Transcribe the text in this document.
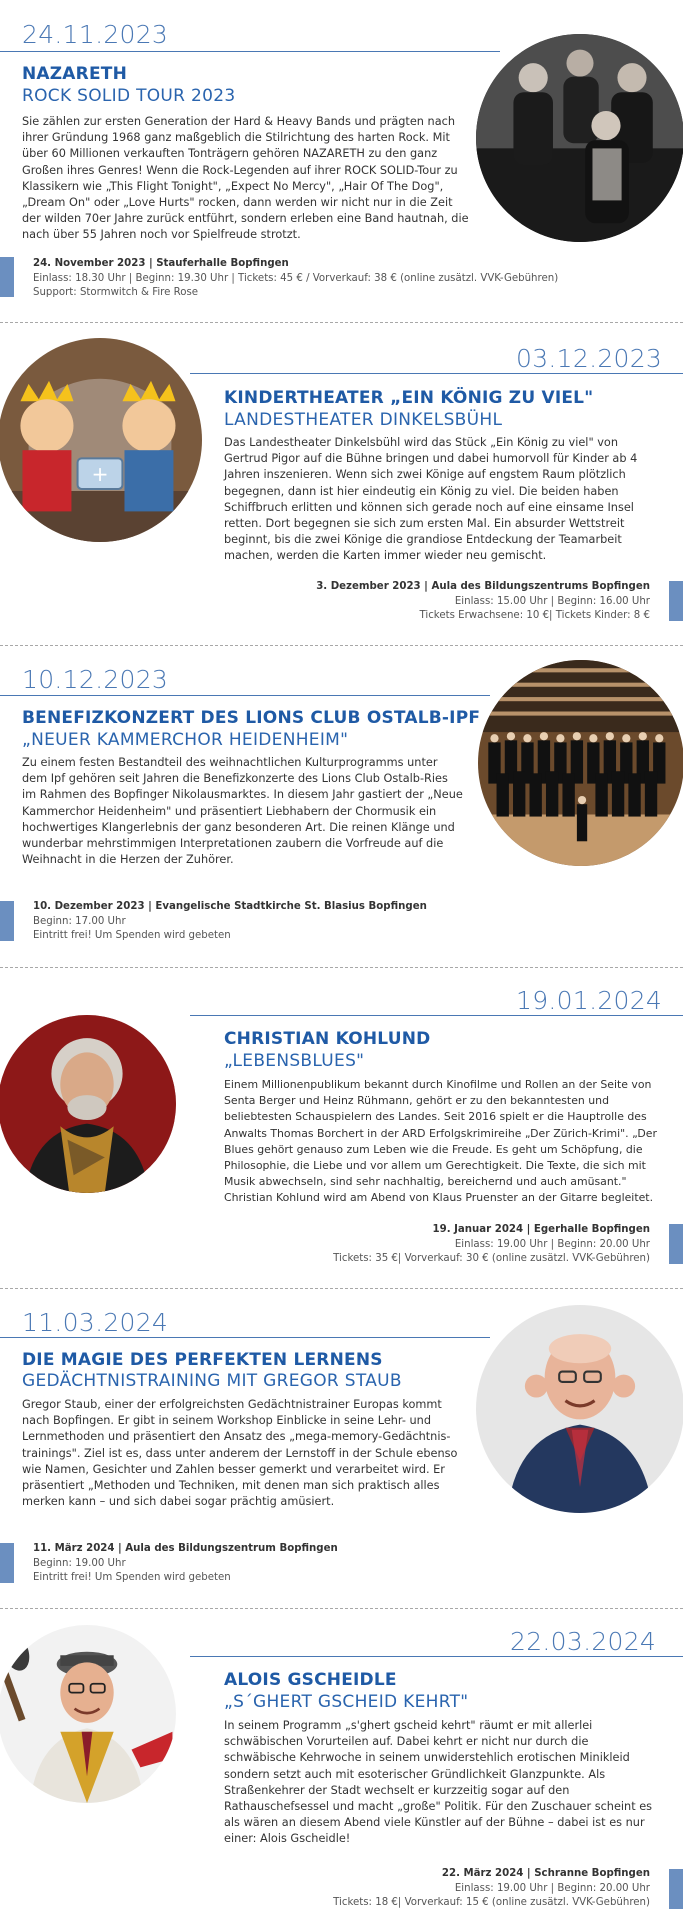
24.11.2023
NAZARETH
ROCK SOLID TOUR 2023
Sie zählen zur ersten Generation der Hard & Heavy Bands und prägten nach ihrer Gründung 1968 ganz maßgeblich die Stilrichtung des harten Rock. Mit über 60 Millionen verkauften Tonträgern gehören NAZARETH zu den ganz Großen ihres Genres! Wenn die Rock-Legenden auf ihrer ROCK SOLID-Tour zu Klassikern wie „This Flight Tonight", „Expect No Mercy", „Hair Of The Dog", „Dream On" oder „Love Hurts" rocken, dann werden wir nicht nur in die Zeit der wilden 70er Jahre zurück entführt, sondern erleben eine Band hautnah, die nach über 55 Jahren noch vor Spielfreude strotzt.
24. November 2023 | Stauferhalle Bopfingen
Einlass: 18.30 Uhr | Beginn: 19.30 Uhr | Tickets: 45 € / Vorverkauf: 38 € (online zusätzl. VVK-Gebühren)
Support: Stormwitch & Fire Rose
03.12.2023
KINDERTHEATER „EIN KÖNIG ZU VIEL"
LANDESTHEATER DINKELSBÜHL
Das Landestheater Dinkelsbühl wird das Stück „Ein König zu viel" von Gertrud Pigor auf die Bühne bringen und dabei humorvoll für Kinder ab 4 Jahren inszenieren. Wenn sich zwei Könige auf engstem Raum plötzlich begegnen, dann ist hier eindeutig ein König zu viel. Die beiden haben Schiffbruch erlitten und können sich gerade noch auf eine einsame Insel retten. Dort begegnen sie sich zum ersten Mal. Ein absurder Wettstreit beginnt, bis die zwei Könige die grandiose Entdeckung der Teamarbeit machen, werden die Karten immer wieder neu gemischt.
3. Dezember 2023 | Aula des Bildungszentrums Bopfingen
Einlass: 15.00 Uhr | Beginn: 16.00 Uhr
Tickets Erwachsene: 10 €| Tickets Kinder: 8 €
+
10.12.2023
BENEFIZKONZERT DES LIONS CLUB OSTALB-IPF
„NEUER KAMMERCHOR HEIDENHEIM"
Zu einem festen Bestandteil des weihnachtlichen Kulturprogramms unter dem Ipf gehören seit Jahren die Benefizkonzerte des Lions Club Ostalb-Ries im Rahmen des Bopfinger Nikolausmarktes. In diesem Jahr gastiert der „Neue Kammerchor Heidenheim" und präsentiert Liebhabern der Chormusik ein hochwertiges Klangerlebnis der ganz besonderen Art. Die reinen Klänge und wunderbar mehrstimmigen Interpretationen zaubern die Vorfreude auf die Weihnacht in die Herzen der Zuhörer.
10. Dezember 2023 | Evangelische Stadtkirche St. Blasius Bopfingen
Beginn: 17.00 Uhr
Eintritt frei! Um Spenden wird gebeten
19.01.2024
CHRISTIAN KOHLUND
„LEBENSBLUES"
Einem Millionenpublikum bekannt durch Kinofilme und Rollen an der Seite von Senta Berger und Heinz Rühmann, gehört er zu den bekanntesten und beliebtesten Schauspielern des Landes. Seit 2016 spielt er die Hauptrolle des Anwalts Thomas Borchert in der ARD Erfolgskrimireihe „Der Zürich-Krimi". „Der Blues gehört genauso zum Leben wie die Freude. Es geht um Schöpfung, die Philosophie, die Liebe und vor allem um Gerechtigkeit. Die Texte, die sich mit Musik abwechseln, sind sehr nachhaltig, bereichernd und auch amüsant." Christian Kohlund wird am Abend von Klaus Pruenster an der Gitarre begleitet.
19. Januar 2024 | Egerhalle Bopfingen
Einlass: 19.00 Uhr | Beginn: 20.00 Uhr
Tickets: 35 €| Vorverkauf: 30 € (online zusätzl. VVK-Gebühren)
11.03.2024
DIE MAGIE DES PERFEKTEN LERNENS
GEDÄCHTNISTRAINING MIT GREGOR STAUB
Gregor Staub, einer der erfolgreichsten Gedächtnistrainer Europas kommt nach Bopfingen. Er gibt in seinem Workshop Einblicke in seine Lehr- und Lernmethoden und präsentiert den Ansatz des „mega-memory-Gedächtnis-trainings". Ziel ist es, dass unter anderem der Lernstoff in der Schule ebenso wie Namen, Gesichter und Zahlen besser gemerkt und verarbeitet wird. Er präsentiert „Methoden und Techniken, mit denen man sich praktisch alles merken kann – und sich dabei sogar prächtig amüsiert.
11. März 2024 | Aula des Bildungszentrum Bopfingen
Beginn: 19.00 Uhr
Eintritt frei! Um Spenden wird gebeten
22.03.2024
ALOIS GSCHEIDLE
„S´GHERT GSCHEID KEHRT"
In seinem Programm „s'ghert gscheid kehrt" räumt er mit allerlei schwäbischen Vorurteilen auf. Dabei kehrt er nicht nur durch die schwäbische Kehrwoche in seinem unwiderstehlich erotischen Minikleid sondern setzt auch mit esoterischer Gründlichkeit Glanzpunkte. Als Straßenkehrer der Stadt wechselt er kurzzeitig sogar auf den Rathauschefsessel und macht „große" Politik. Für den Zuschauer scheint es als wären an diesem Abend viele Künstler auf der Bühne – dabei ist es nur einer: Alois Gscheidle!
22. März 2024 | Schranne Bopfingen
Einlass: 19.00 Uhr | Beginn: 20.00 Uhr
Tickets: 18 €| Vorverkauf: 15 € (online zusätzl. VVK-Gebühren)
